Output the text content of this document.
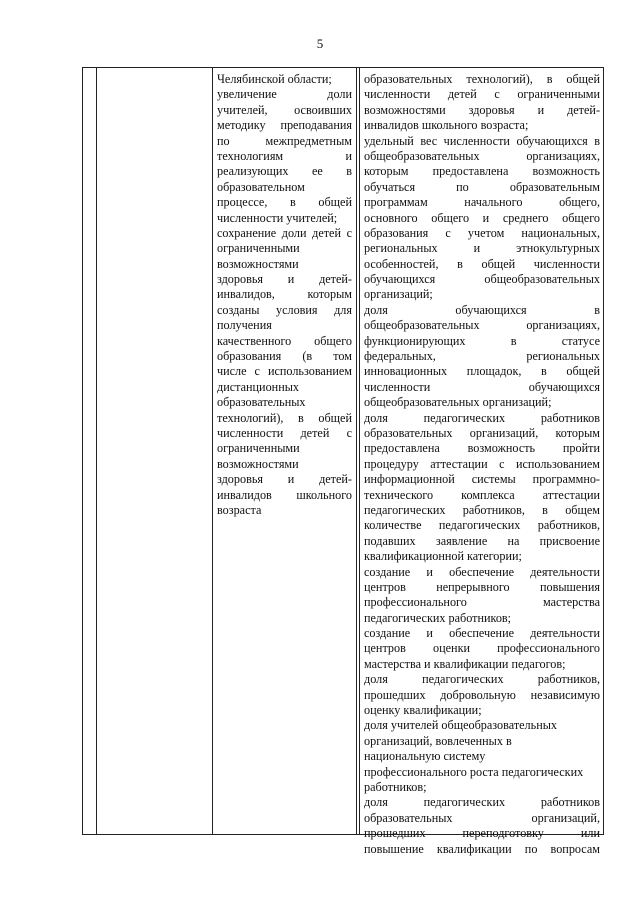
5
Челябинской области;
увеличение доли
учителей, освоивших
методику преподавания
по межпредметным
технологиям и
реализующих ее в
образовательном
процессе, в общей
численности учителей;
сохранение доли детей с
ограниченными
возможностями
здоровья и детей-
инвалидов, которым
созданы условия для
получения
качественного общего
образования (в том
числе с использованием
дистанционных
образовательных
технологий), в общей
численности детей с
ограниченными
возможностями
здоровья и детей-
инвалидов школьного
возраста
образовательных технологий), в общей
численности детей с ограниченными
возможностями здоровья и детей-
инвалидов школьного возраста;
удельный вес численности обучающихся в
общеобразовательных организациях,
которым предоставлена возможность
обучаться по образовательным
программам начального общего,
основного общего и среднего общего
образования с учетом национальных,
региональных и этнокультурных
особенностей, в общей численности
обучающихся общеобразовательных
организаций;
доля обучающихся в
общеобразовательных организациях,
функционирующих в статусе
федеральных, региональных
инновационных площадок, в общей
численности обучающихся
общеобразовательных организаций;
доля педагогических работников
образовательных организаций, которым
предоставлена возможность пройти
процедуру аттестации с использованием
информационной системы программно-
технического комплекса аттестации
педагогических работников, в общем
количестве педагогических работников,
подавших заявление на присвоение
квалификационной категории;
создание и обеспечение деятельности
центров непрерывного повышения
профессионального мастерства
педагогических работников;
создание и обеспечение деятельности
центров оценки профессионального
мастерства и квалификации педагогов;
доля педагогических работников,
прошедших добровольную независимую
оценку квалификации;
доля учителей общеобразовательных
организаций, вовлеченных в
национальную систему
профессионального роста педагогических
работников;
доля педагогических работников
образовательных организаций,
прошедших переподготовку или
повышение квалификации по вопросам
